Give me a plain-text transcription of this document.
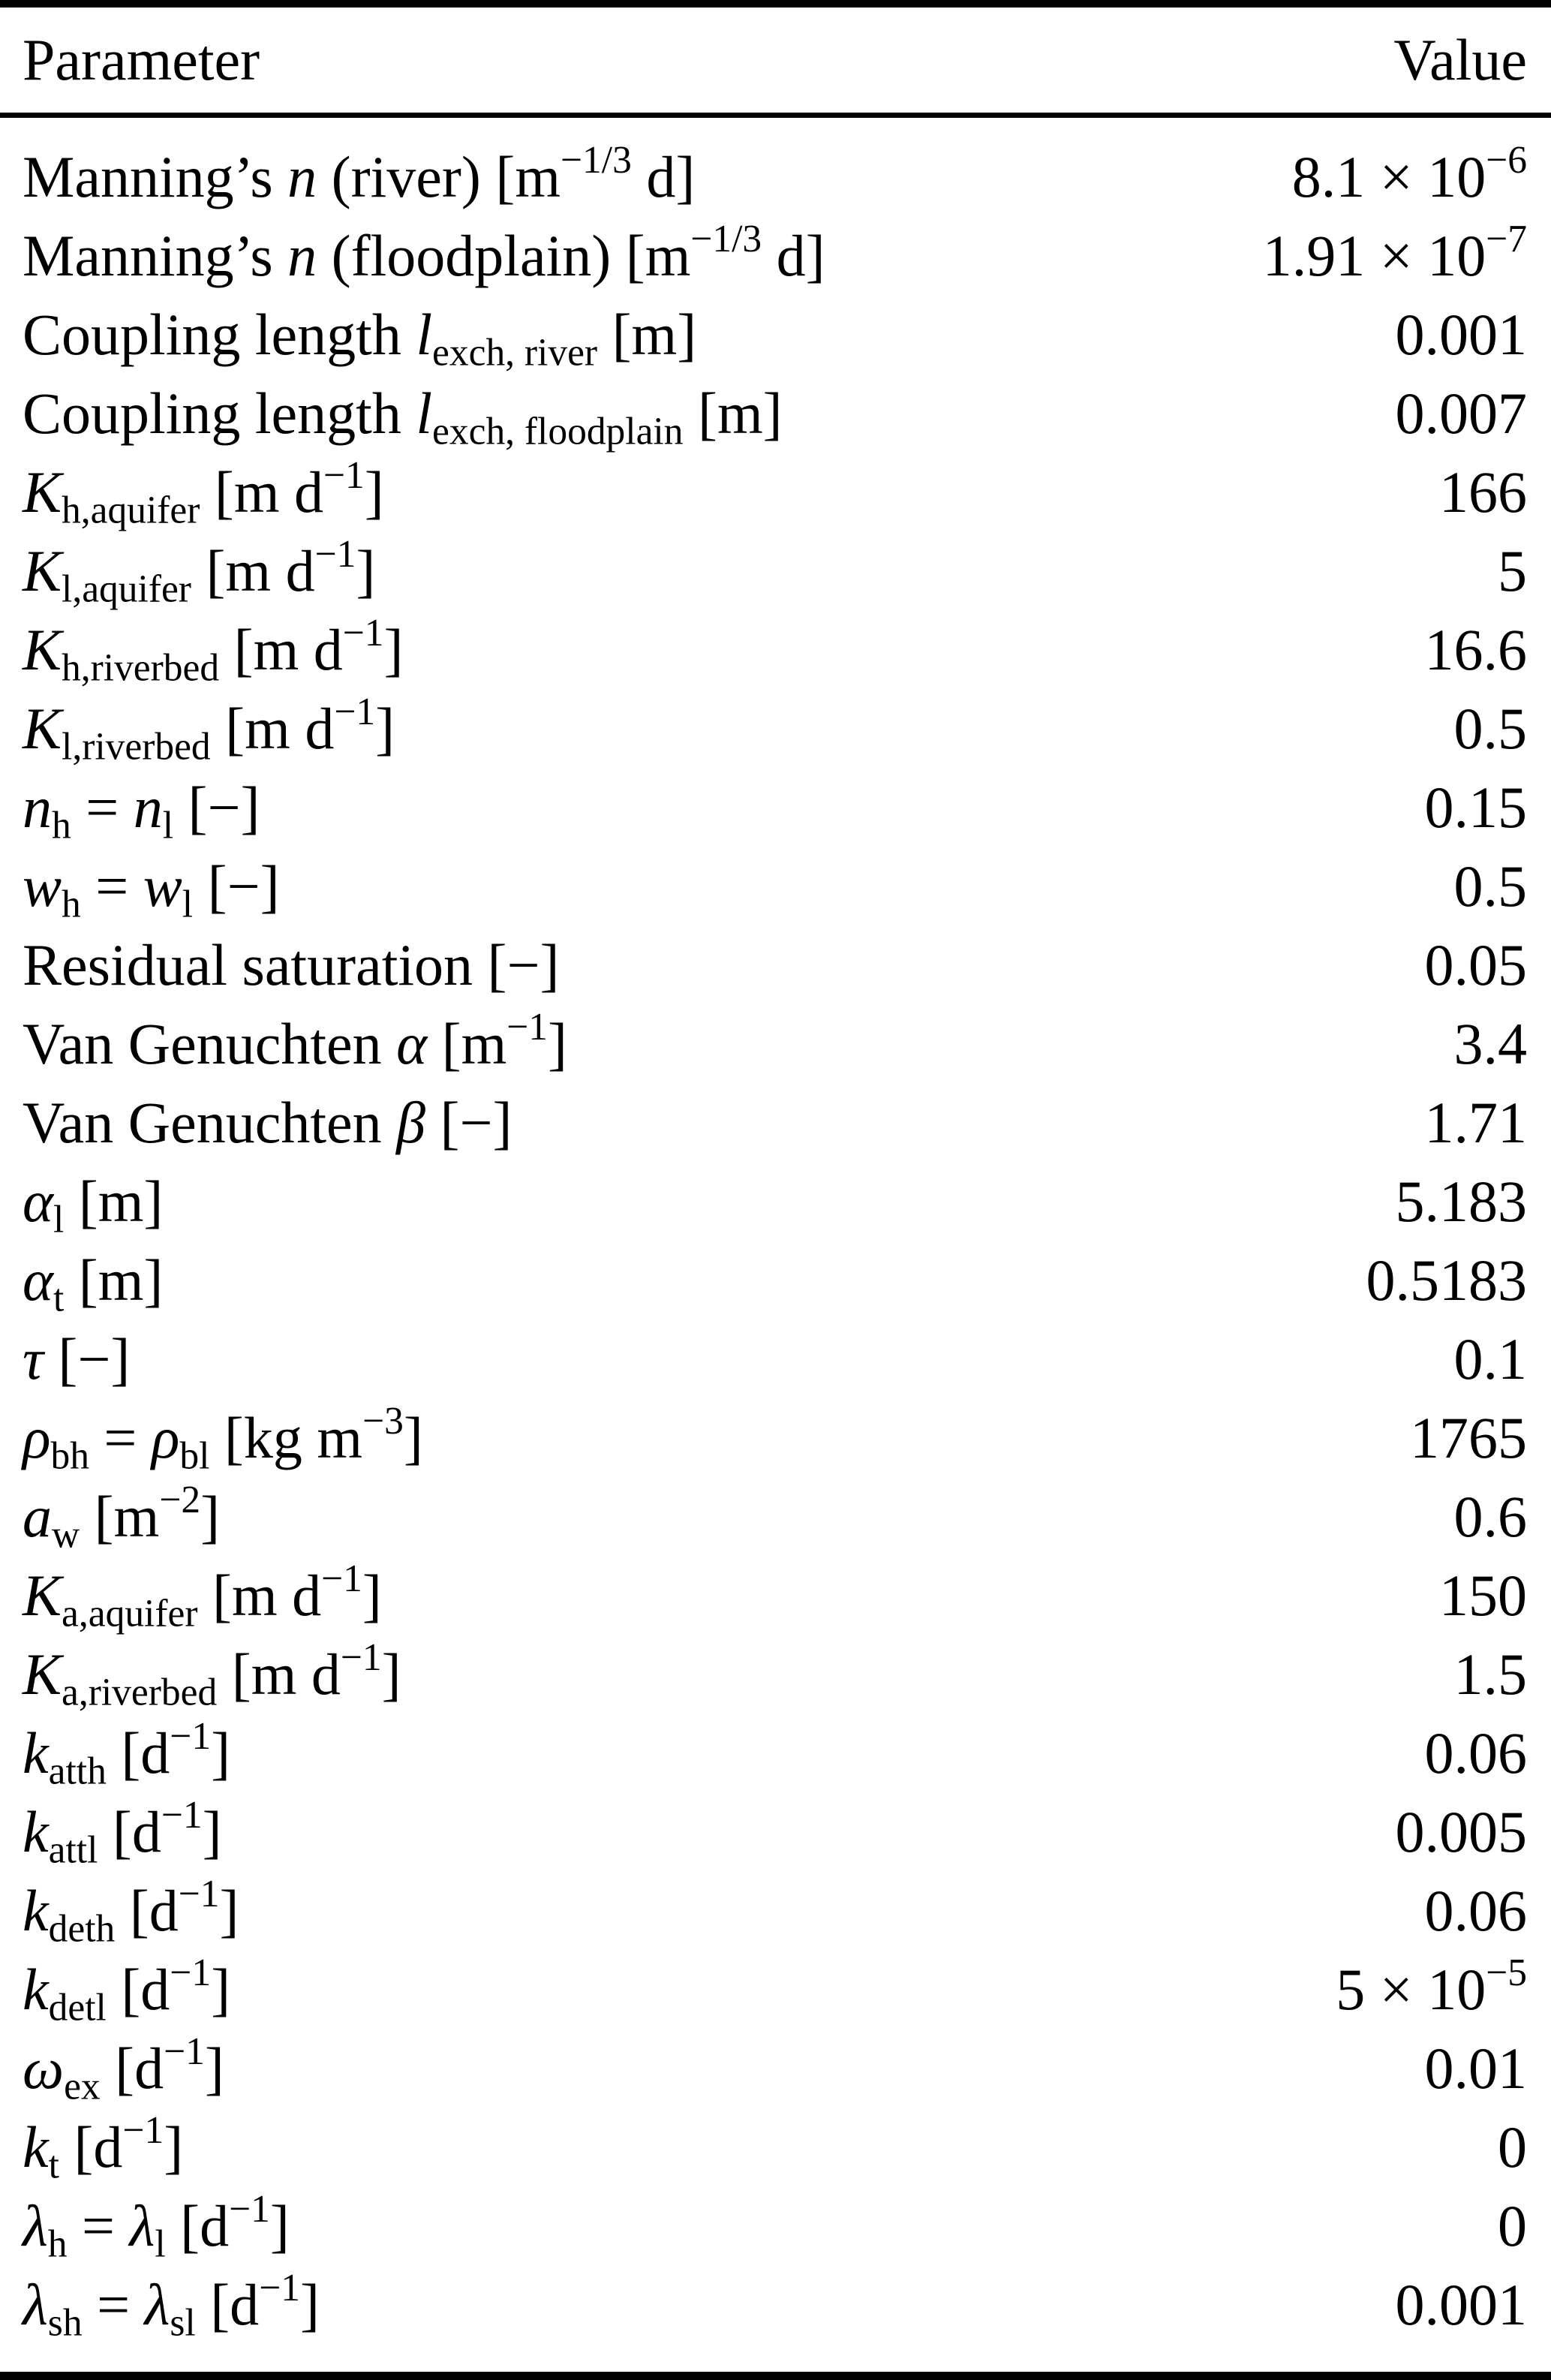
Parameter	Value
Manning’s n (river) [$m^{-1/3}$ d]	$8.1 \times 10^{-6}$
Manning’s n (floodplain) [$m^{-1/3}$ d]	$1.91 \times 10^{-7}$
Coupling length $l_{exch, river}$ [m]	0.001
Coupling length $l_{exch, floodplain}$ [m]	0.007
$K_{h,aquifer}$ [m $d^{-1}$]	166
$K_{l,aquifer}$ [m $d^{-1}$]	5
$K_{h,riverbed}$ [m $d^{-1}$]	16.6
$K_{l,riverbed}$ [m $d^{-1}$]	0.5
$n_h = n_l$ [−]	0.15
$w_h = w_l$ [−]	0.5
Residual saturation [−]	0.05
Van Genuchten α $[m^{-1}]$	3.4
Van Genuchten β [−]	1.71
$\alpha_l$ [m]	5.183
$\alpha_t$ [m]	0.5183
τ [−]	0.1
$\rho_{bh} = \rho_{bl}$ [kg $m^{-3}$]	1765
$a_w$ $[m^{-2}]$	0.6
$K_{a,aquifer}$ [m $d^{-1}$]	150
$K_{a,riverbed}$ [m $d^{-1}$]	1.5
$k_{atth}$ $[d^{-1}]$	0.06
$k_{attl}$ $[d^{-1}]$	0.005
$k_{deth}$ $[d^{-1}]$	0.06
$k_{detl}$ $[d^{-1}]$	$5 \times 10^{-5}$
$\omega_{ex}$ $[d^{-1}]$	0.01
$k_t$ $[d^{-1}]$	0
$\lambda_h = \lambda_l$ $[d^{-1}]$	0
$\lambda_{sh} = \lambda_{sl}$ $[d^{-1}]$	0.001
